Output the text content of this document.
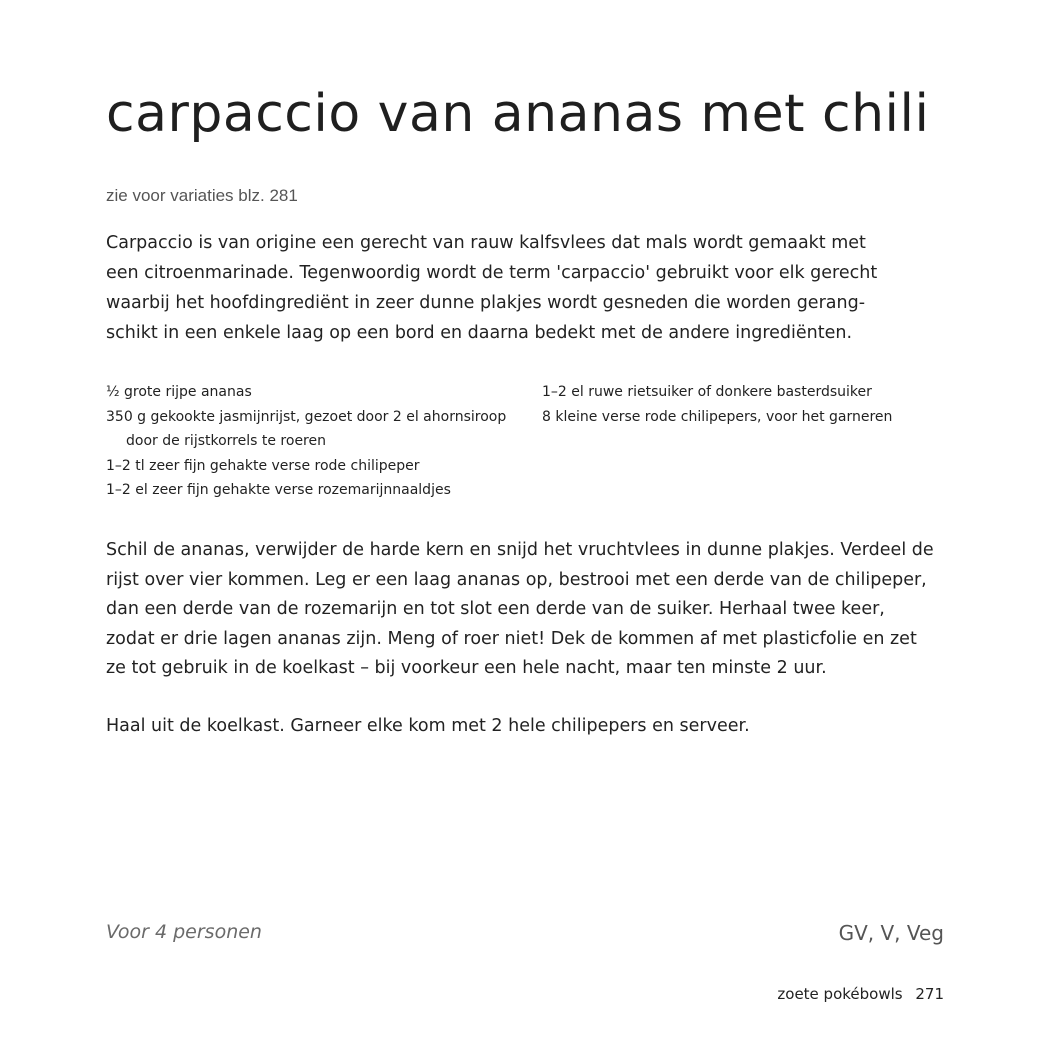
carpaccio van ananas met chili
zie voor variaties blz. 281

Carpaccio is van origine een gerecht van rauw kalfsvlees dat mals wordt gemaakt met
een citroenmarinade. Tegenwoordig wordt de term 'carpaccio' gebruikt voor elk gerecht
waarbij het hoofdingrediënt in zeer dunne plakjes wordt gesneden die worden gerang-
schikt in een enkele laag op een bord en daarna bedekt met de andere ingrediënten.

½ grote rijpe ananas
350 g gekookte jasmijnrijst, gezoet door 2 el ahornsiroop door de rijstkorrels te roeren
1–2 tl zeer fijn gehakte verse rode chilipeper
1–2 el zeer fijn gehakte verse rozemarijnnaaldjes
1–2 el ruwe rietsuiker of donkere basterdsuiker
8 kleine verse rode chilipepers, voor het garneren

Schil de ananas, verwijder de harde kern en snijd het vruchtvlees in dunne plakjes. Verdeel de
rijst over vier kommen. Leg er een laag ananas op, bestrooi met een derde van de chilipeper,
dan een derde van de rozemarijn en tot slot een derde van de suiker. Herhaal twee keer,
zodat er drie lagen ananas zijn. Meng of roer niet! Dek de kommen af met plasticfolie en zet
ze tot gebruik in de koelkast – bij voorkeur een hele nacht, maar ten minste 2 uur.

Haal uit de koelkast. Garneer elke kom met 2 hele chilipepers en serveer.

Voor 4 personen	GV, V, Veg
zoete pokébowls 271
